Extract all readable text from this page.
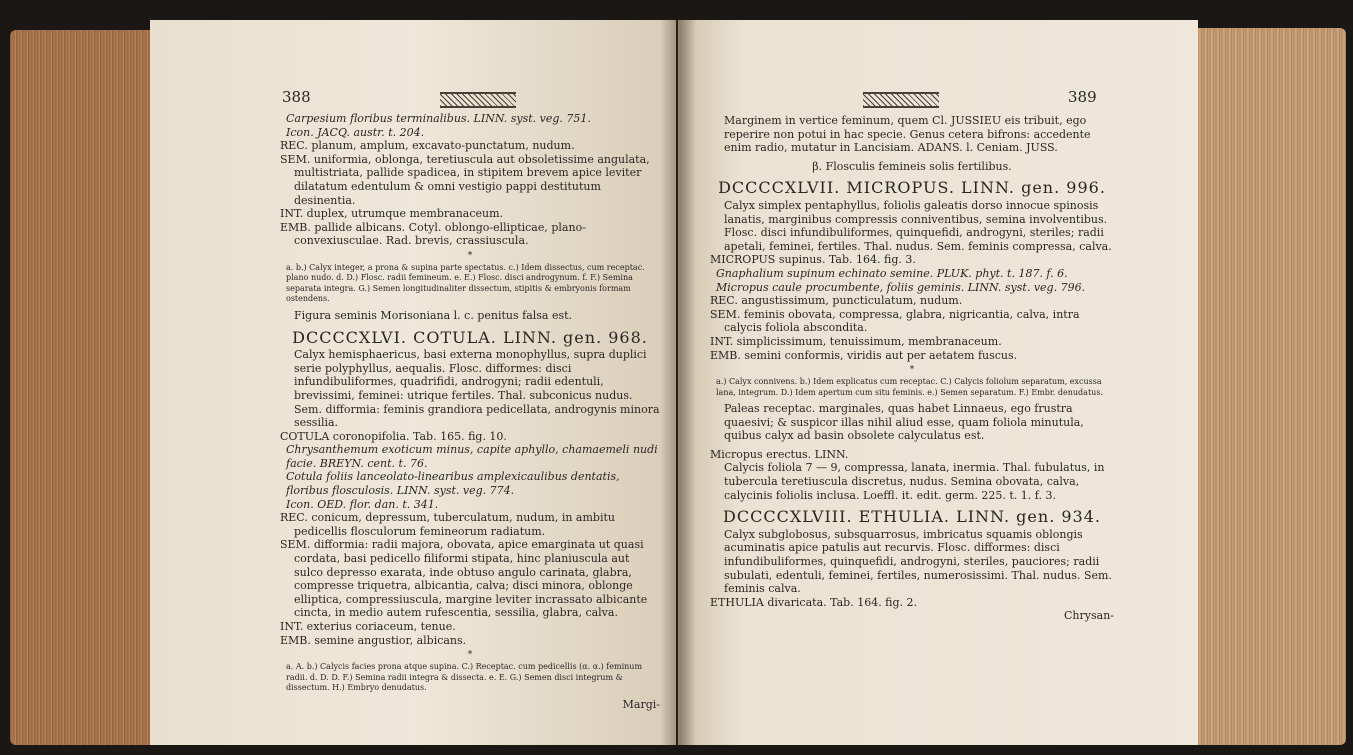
388

Carpesium floribus terminalibus. LINN. syst. veg. 751.

Icon. JACQ. austr. t. 204.

REC. planum, amplum, excavato-punctatum, nudum.

SEM. uniformia, oblonga, teretiuscula aut obsoletissime angulata, multistriata, pallide spadicea, in stipitem brevem apice leviter dilatatum edentulum & omni vestigio pappi destitutum desinentia.

INT. duplex, utrumque membranaceum.

EMB. pallide albicans. Cotyl. oblongo-ellipticae, plano-convexiusculae. Rad. brevis, crassiuscula.

*

a. b.) Calyx integer, a prona & supina parte spectatus. c.) Idem dissectus, cum receptac. plano nudo. d. D.) Flosc. radii femineum. e. E.) Flosc. disci androgynum. f. F.) Semina separata integra. G.) Semen longitudinaliter dissectum, stipitis & embryonis formam ostendens.

Figura seminis Morisoniana l. c. penitus falsa est.

DCCCCXLVI. COTULA. LINN. gen. 968.

Calyx hemisphaericus, basi externa monophyllus, supra duplici serie polyphyllus, aequalis. Flosc. difformes: disci infundibuliformes, quadrifidi, androgyni; radii edentuli, brevissimi, feminei: utrique fertiles. Thal. subconicus nudus. Sem. difformia: feminis grandiora pedicellata, androgynis minora sessilia.

COTULA coronopifolia. Tab. 165. fig. 10.

Chrysanthemum exoticum minus, capite aphyllo, chamaemeli nudi facie. BREYN. cent. t. 76.

Cotula foliis lanceolato-linearibus amplexicaulibus dentatis, floribus flosculosis. LINN. syst. veg. 774.

Icon. OED. flor. dan. t. 341.

REC. conicum, depressum, tuberculatum, nudum, in ambitu pedicellis flosculorum femineorum radiatum.

SEM. difformia: radii majora, obovata, apice emarginata ut quasi cordata, basi pedicello filiformi stipata, hinc planiuscula aut sulco depresso exarata, inde obtuso angulo carinata, glabra, compresse triquetra, albicantia, calva; disci minora, oblonge elliptica, compressiuscula, margine leviter incrassato albicante cincta, in medio autem rufescentia, sessilia, glabra, calva.

INT. exterius coriaceum, tenue.

EMB. semine angustior, albicans.

*

a. A. b.) Calycis facies prona atque supina. C.) Receptac. cum pedicellis (α. α.) feminum radii. d. D. D. F.) Semina radii integra & dissecta. e. E. G.) Semen disci integrum & dissectum. H.) Embryo denudatus.

Margi-

389

Marginem in vertice feminum, quem Cl. JUSSIEU eis tribuit, ego reperire non potui in hac specie. Genus cetera bifrons: accedente enim radio, mutatur in Lancisiam. ADANS. l. Ceniam. JUSS.

β. Flosculis femineis solis fertilibus.

DCCCCXLVII. MICROPUS. LINN. gen. 996.

Calyx simplex pentaphyllus, foliolis galeatis dorso innocue spinosis lanatis, marginibus compressis conniventibus, semina involventibus. Flosc. disci infundibuliformes, quinquefidi, androgyni, steriles; radii apetali, feminei, fertiles. Thal. nudus. Sem. feminis compressa, calva.

MICROPUS supinus. Tab. 164. fig. 3.

Gnaphalium supinum echinato semine. PLUK. phyt. t. 187. f. 6.

Micropus caule procumbente, foliis geminis. LINN. syst. veg. 796.

REC. angustissimum, puncticulatum, nudum.

SEM. feminis obovata, compressa, glabra, nigricantia, calva, intra calycis foliola abscondita.

INT. simplicissimum, tenuissimum, membranaceum.

EMB. semini conformis, viridis aut per aetatem fuscus.

*

a.) Calyx connivens. b.) Idem explicatus cum receptac. C.) Calycis foliolum separatum, excussa lana, integrum. D.) Idem apertum cum situ feminis. e.) Semen separatum. F.) Embr. denudatus.

Paleas receptac. marginales, quas habet Linnaeus, ego frustra quaesivi; & suspicor illas nihil aliud esse, quam foliola minutula, quibus calyx ad basin obsolete calyculatus est.

Micropus erectus. LINN.

Calycis foliola 7 — 9, compressa, lanata, inermia. Thal. fubulatus, in tubercula teretiuscula discretus, nudus. Semina obovata, calva, calycinis foliolis inclusa. Loeffl. it. edit. germ. 225. t. 1. f. 3.

DCCCCXLVIII. ETHULIA. LINN. gen. 934.

Calyx subglobosus, subsquarrosus, imbricatus squamis oblongis acuminatis apice patulis aut recurvis. Flosc. difformes: disci infundibuliformes, quinquefidi, androgyni, steriles, pauciores; radii subulati, edentuli, feminei, fertiles, numerosissimi. Thal. nudus. Sem. feminis calva.

ETHULIA divaricata. Tab. 164. fig. 2.

Chrysan-
